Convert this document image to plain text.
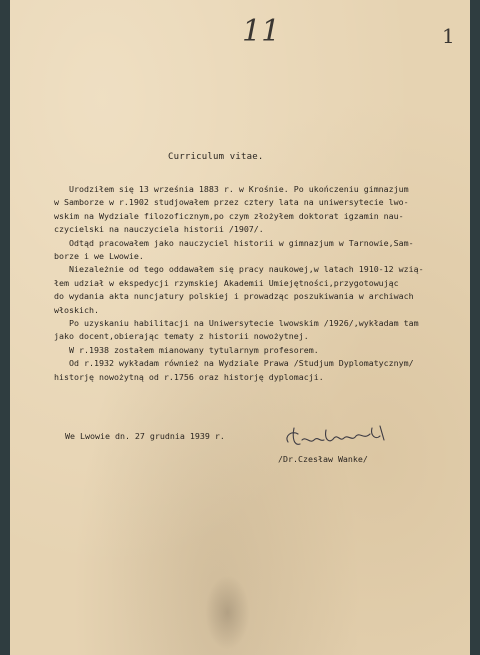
11	1
Curriculum vitae.
Urodziłem się 13 września 1883 r. w Krośnie. Po ukończeniu gimnazjum
w Samborze w r.1902 studjowałem przez cztery lata na uniwersytecie lwo-
wskim na Wydziale filozoficznym,po czym złożyłem doktorat igzamin nau-
czycielski na nauczyciela historii /1907/.
Odtąd pracowałem jako nauczyciel historii w gimnazjum w Tarnowie,Sam-
borze i we Lwowie.
Niezależnie od tego oddawałem się pracy naukowej,w latach 1910-12 wzią-
łem udział w ekspedycji rzymskiej Akademii Umiejętności,przygotowując
do wydania akta nuncjatury polskiej i prowadząc poszukiwania w archiwach
włoskich.
Po uzyskaniu habilitacji na Uniwersytecie lwowskim /1926/,wykładam tam
jako docent,obierając tematy z historii nowożytnej.
W r.1938 zostałem mianowany tytularnym profesorem.
Od r.1932 wykładam również na Wydziale Prawa /Studjum Dyplomatycznym/
historję nowożytną od r.1756 oraz historję dyplomacji.
We Lwowie dn. 27 grudnia 1939 r.
/Dr.Czesław Wanke/
